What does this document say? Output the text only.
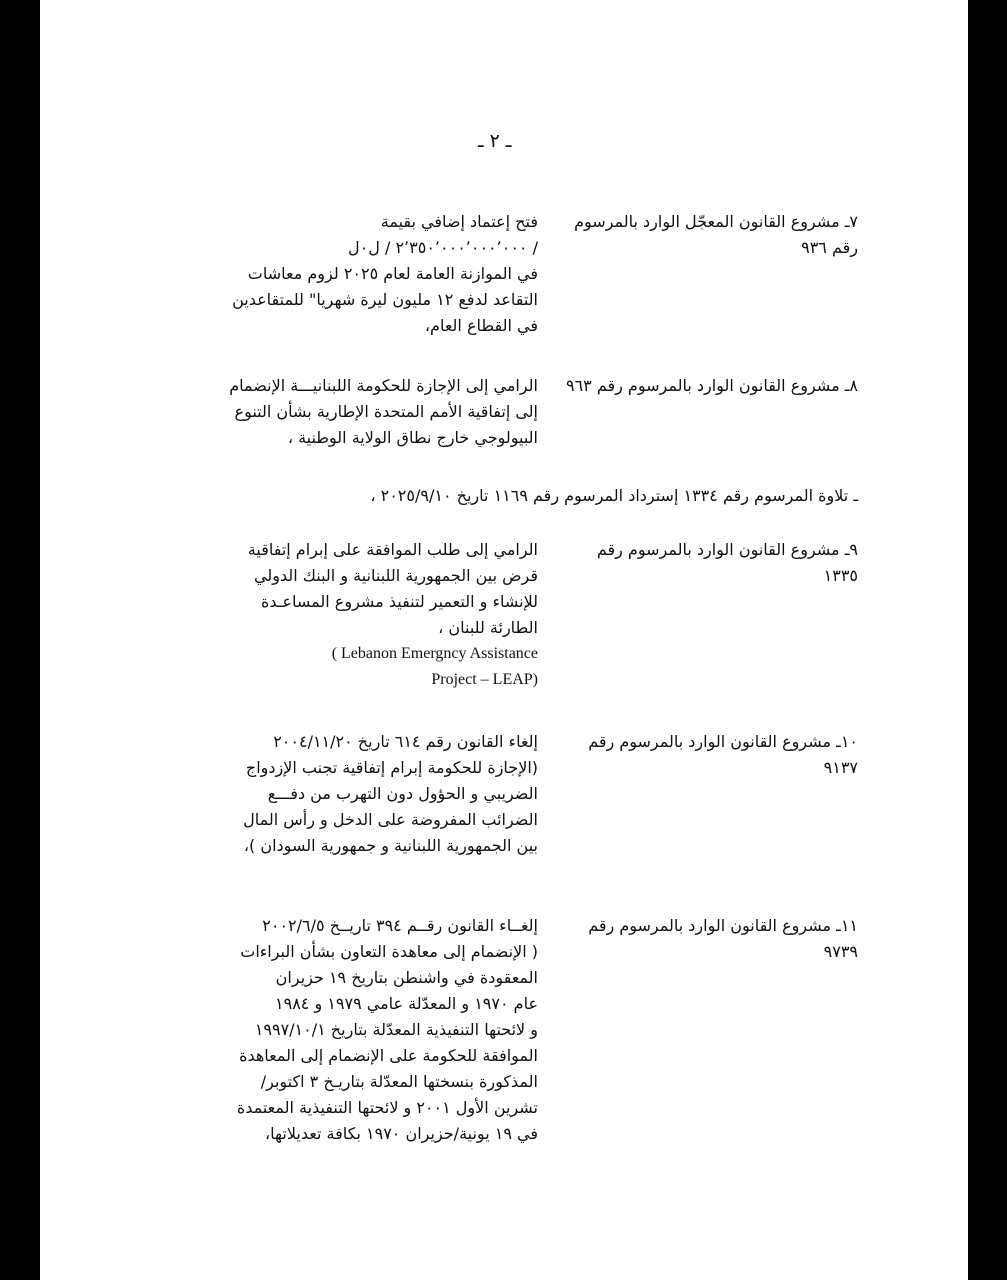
ـ ٢ ـ
٧ـ مشروع القانون المعجّل الوارد بالمرسوم رقم ٩٣٦
فتح إعتماد إضافي بقيمة
/ ٢٬٣٥٠٬٠٠٠٬٠٠٠٬٠٠٠ / ل٠ل
في الموازنة العامة لعام ٢٠٢٥ لزوم معاشات
التقاعد لدفع ١٢ مليون ليرة شهريا" للمتقاعدين
في القطاع العام،
٨ـ مشروع القانون الوارد بالمرسوم رقم ٩٦٣
الرامي إلى الإجازة للحكومة اللبنانيـــة الإنضمام
إلى إتفاقية الأمم المتحدة الإطارية بشأن التنوع
البيولوجي خارج نطاق الولاية الوطنية ،
ـ تلاوة المرسوم رقم ١٣٣٤ إسترداد المرسوم رقم ١١٦٩ تاريخ ٢٠٢٥/٩/١٠ ،
٩ـ مشروع القانون الوارد بالمرسوم رقم ١٣٣٥
الرامي إلى طلب الموافقة على إبرام إتفاقية
قرض بين الجمهورية اللبنانية و البنك الدولي
للإنشاء و التعمير لتنفيذ مشروع المساعـدة
الطارئة للبنان ،
( Lebanon Emergncy Assistance
Project – LEAP)
١٠ـ مشروع القانون الوارد بالمرسوم رقم ٩١٣٧
إلغاء القانون رقم ٦١٤ تاريخ ٢٠٠٤/١١/٢٠
(الإجازة للحكومة إبرام إتفاقية تجنب الإزدواج
الضريبي و الحؤول دون التهرب من دفـــع
الضرائب المفروضة على الدخل و رأس المال
بين الجمهورية اللبنانية و جمهورية السودان )،
١١ـ مشروع القانون الوارد بالمرسوم رقم ٩٧٣٩
إلغــاء القانون رقــم ٣٩٤ تاريــخ ٢٠٠٢/٦/٥
( الإنضمام إلى معاهدة التعاون بشأن البراءات
المعقودة في واشنطن بتاريخ ١٩ حزيران
عام ١٩٧٠ و المعدّلة عامي ١٩٧٩ و ١٩٨٤
و لائحتها التنفيذية المعدّلة بتاريخ ١٩٩٧/١٠/١
الموافقة للحكومة على الإنضمام إلى المعاهدة
المذكورة بنسختها المعدّلة بتاريـخ ٣ اكتوبر/
تشرين الأول ٢٠٠١ و لائحتها التنفيذية المعتمدة
في ١٩ يونية/حزيران ١٩٧٠ بكافة تعديلاتها،
